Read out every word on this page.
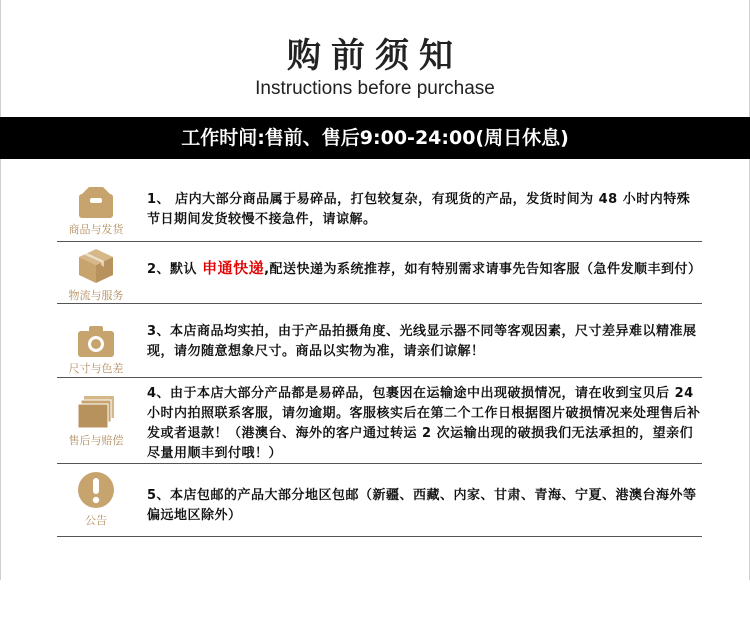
购前须知
Instructions before purchase
工作时间:售前、售后9:00-24:00(周日休息)
商品与发货
1、 店内大部分商品属于易碎品，打包较复杂，有现货的产品，发货时间为 48 小时内特殊节日期间发货较慢不接急件，请谅解。
物流与服务
2、默认 申通快递,配送快递为系统推荐，如有特别需求请事先告知客服（急件发顺丰到付）
尺寸与色差
3、本店商品均实拍，由于产品拍摄角度、光线显示器不同等客观因素，尺寸差异难以精准展现，请勿随意想象尺寸。商品以实物为准，请亲们谅解！
售后与赔偿
4、由于本店大部分产品都是易碎品，包裹因在运输途中出现破损情况，请在收到宝贝后 24 小时内拍照联系客服，请勿逾期。客服核实后在第二个工作日根据图片破损情况来处理售后补发或者退款！（港澳台、海外的客户通过转运 2 次运输出现的破损我们无法承担的，望亲们尽量用顺丰到付哦！）
公告
5、本店包邮的产品大部分地区包邮（新疆、西藏、内家、甘肃、青海、宁夏、港澳台海外等偏远地区除外）
